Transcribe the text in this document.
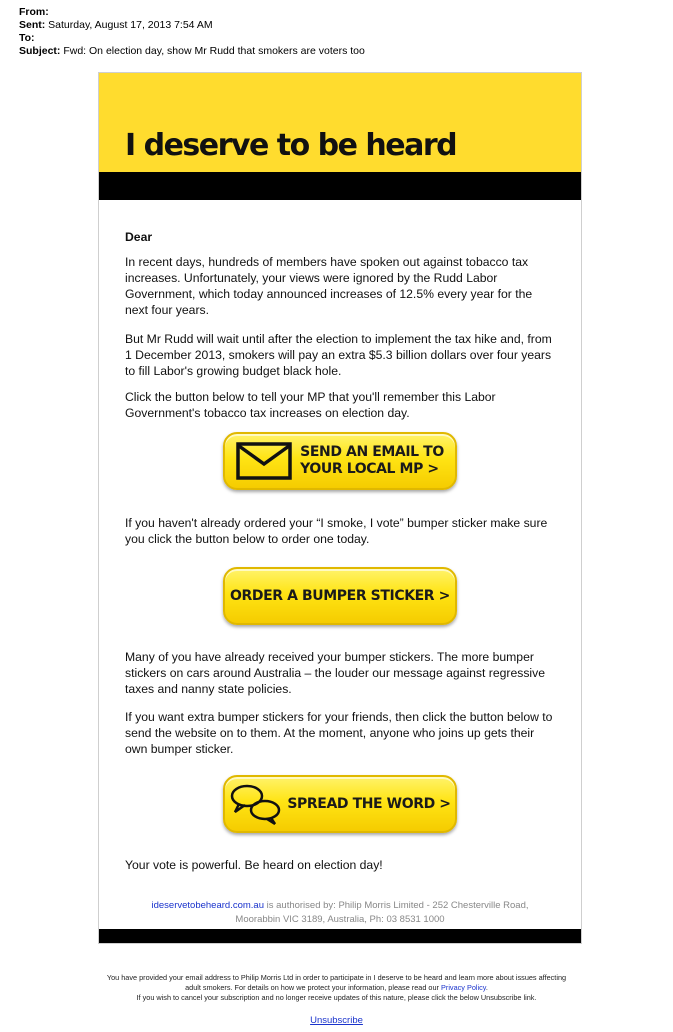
From:
Sent: Saturday, August 17, 2013 7:54 AM
To:
Subject: Fwd: On election day, show Mr Rudd that smokers are voters too
I deserve to be heard

Dear

In recent days, hundreds of members have spoken out against tobacco tax increases. Unfortunately, your views were ignored by the Rudd Labor Government, which today announced increases of 12.5% every year for the next four years.

But Mr Rudd will wait until after the election to implement the tax hike and, from 1 December 2013, smokers will pay an extra $5.3 billion dollars over four years to fill Labor's growing budget black hole.

Click the button below to tell your MP that you'll remember this Labor Government's tobacco tax increases on election day.

If you haven't already ordered your “I smoke, I vote” bumper sticker make sure you click the button below to order one today.

Many of you have already received your bumper stickers. The more bumper stickers on cars around Australia – the louder our message against regressive taxes and nanny state policies.

If you want extra bumper stickers for your friends, then click the button below to send the website on to them. At the moment, anyone who joins up gets their own bumper sticker.

Your vote is powerful. Be heard on election day!

SEND AN EMAIL TO
YOUR LOCAL MP >
ORDER A BUMPER STICKER >
SPREAD THE WORD >
ideservetobeheard.com.au is authorised by: Philip Morris Limited - 252 Chesterville Road,
Moorabbin VIC 3189, Australia, Ph: 03 8531 1000
You have provided your email address to Philip Morris Ltd in order to participate in I deserve to be heard and learn more about issues affecting
adult smokers. For details on how we protect your information, please read our Privacy Policy.
If you wish to cancel your subscription and no longer receive updates of this nature, please click the below Unsubscribe link.
Unsubscribe
